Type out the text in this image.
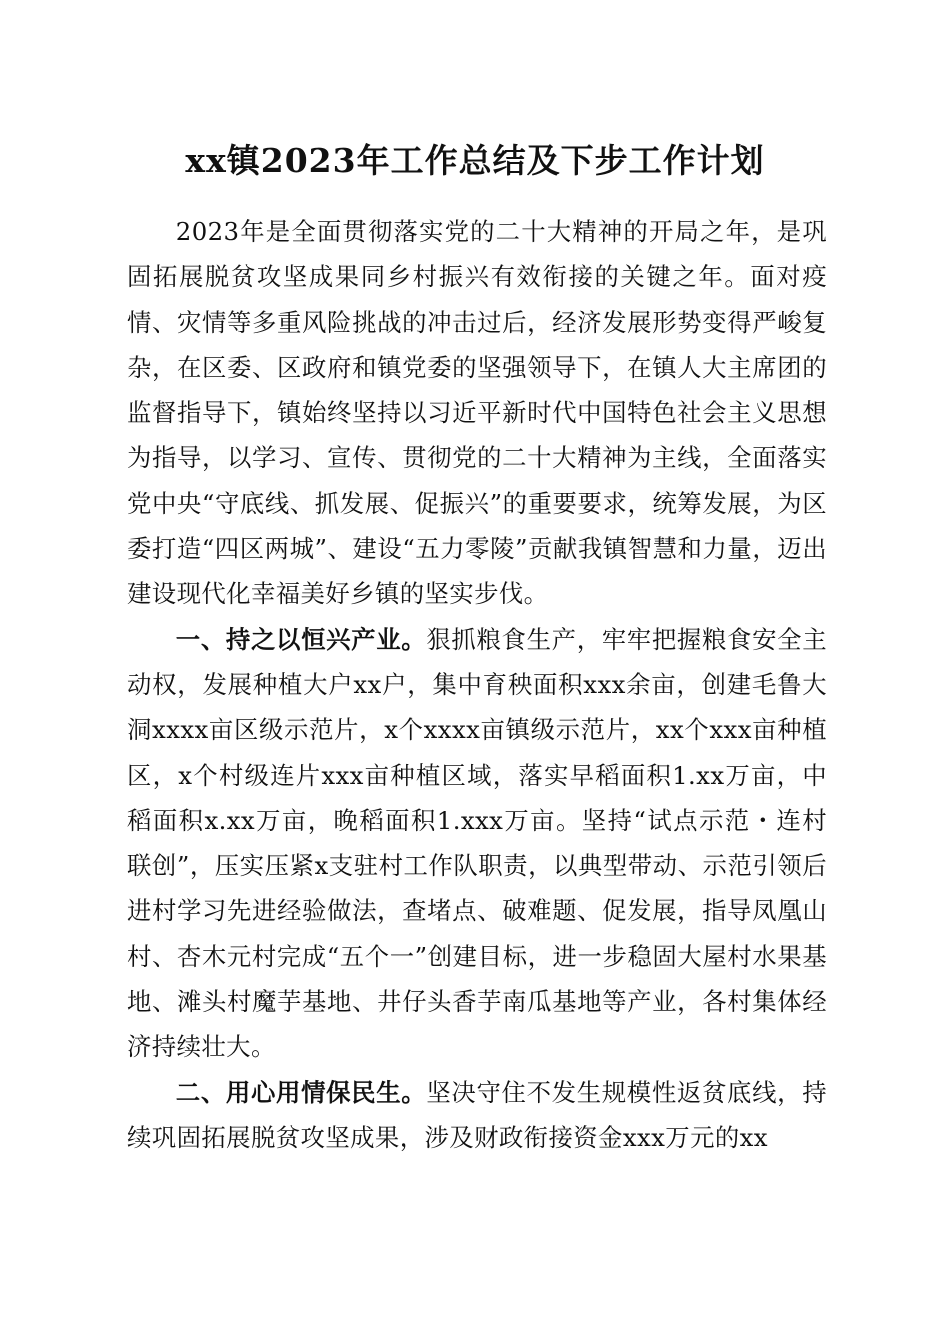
xx镇2023年工作总结及下步工作计划

2023年是全面贯彻落实党的二十大精神的开局之年，是巩固拓展脱贫攻坚成果同乡村振兴有效衔接的关键之年。面对疫情、灾情等多重风险挑战的冲击过后，经济发展形势变得严峻复杂，在区委、区政府和镇党委的坚强领导下，在镇人大主席团的监督指导下，镇始终坚持以习近平新时代中国特色社会主义思想为指导，以学习、宣传、贯彻党的二十大精神为主线，全面落实党中央“守底线、抓发展、促振兴”的重要要求，统筹发展，为区委打造“四区两城”、建设“五力零陵”贡献我镇智慧和力量，迈出建设现代化幸福美好乡镇的坚实步伐。

一、持之以恒兴产业。狠抓粮食生产，牢牢把握粮食安全主动权，发展种植大户xx户，集中育秧面积xxx余亩，创建毛鲁大洞xxxx亩区级示范片，x个xxxx亩镇级示范片，xx个xxx亩种植区，x个村级连片xxx亩种植区域，落实早稻面积1.xx万亩，中稻面积x.xx万亩，晚稻面积1.xxx万亩。坚持“试点示范・连村联创”，压实压紧x支驻村工作队职责，以典型带动、示范引领后进村学习先进经验做法，查堵点、破难题、促发展，指导凤凰山村、杏木元村完成“五个一”创建目标，进一步稳固大屋村水果基地、滩头村魔芋基地、井仔头香芋南瓜基地等产业，各村集体经济持续壮大。

二、用心用情保民生。坚决守住不发生规模性返贫底线，持续巩固拓展脱贫攻坚成果，涉及财政衔接资金xxx万元的xx
